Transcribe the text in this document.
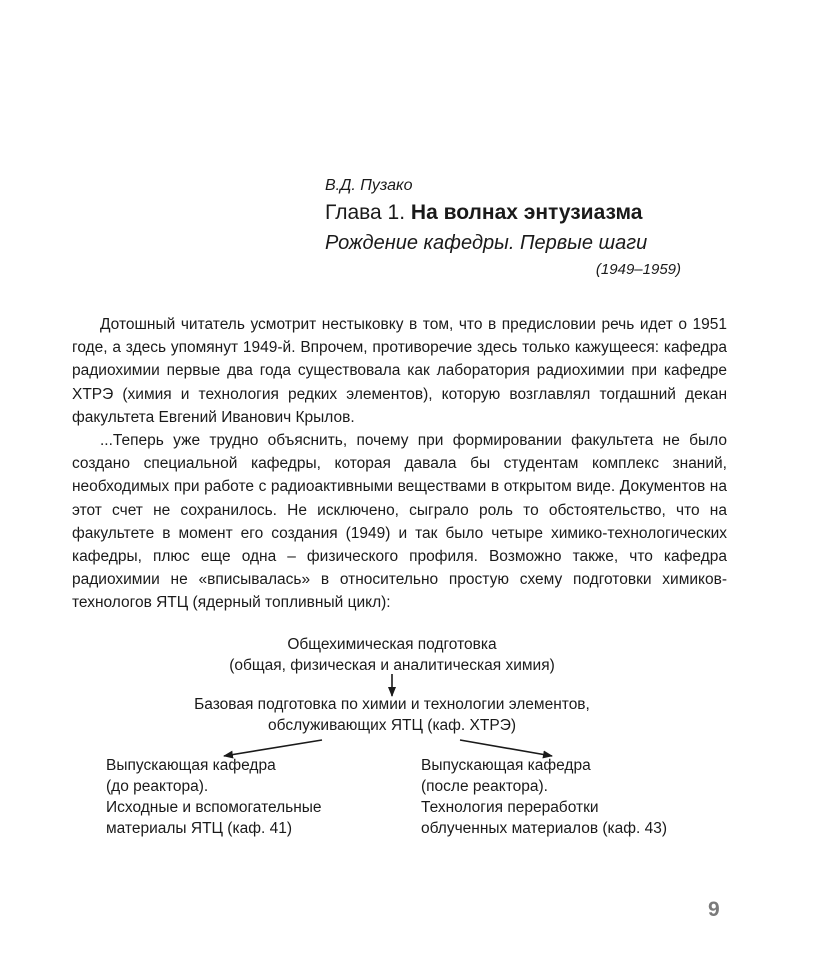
В.Д. Пузако
Глава 1. На волнах энтузиазма
Рождение кафедры. Первые шаги
(1949–1959)

Дотошный читатель усмотрит нестыковку в том, что в предисловии речь идет о 1951 годе, а здесь упомянут 1949-й. Впрочем, противоречие здесь только кажущееся: кафедра радиохимии первые два года существовала как лаборатория радиохимии при кафедре ХТРЭ (химия и технология редких элементов), которую возглавлял тогдашний декан факультета Евгений Иванович Крылов.

...Теперь уже трудно объяснить, почему при формировании факультета не было создано специальной кафедры, которая давала бы студентам комплекс знаний, необходимых при работе с радиоактивными веществами в открытом виде. Документов на этот счет не сохранилось. Не исключено, сыграло роль то обстоятельство, что на факультете в момент его создания (1949) и так было четыре химико-технологических кафедры, плюс еще одна – физического профиля. Возможно также, что кафедра радиохимии не «вписывалась» в относительно простую схему подготовки химиков-технологов ЯТЦ (ядерный топливный цикл):

Общехимическая подготовка
(общая, физическая и аналитическая химия)
Базовая подготовка по химии и технологии элементов,
обслуживающих ЯТЦ (каф. ХТРЭ)
Выпускающая кафедра
(до реактора).
Исходные и вспомогательные
материалы ЯТЦ (каф. 41)
Выпускающая кафедра
(после реактора).
Технология переработки
облученных материалов (каф. 43)
9
